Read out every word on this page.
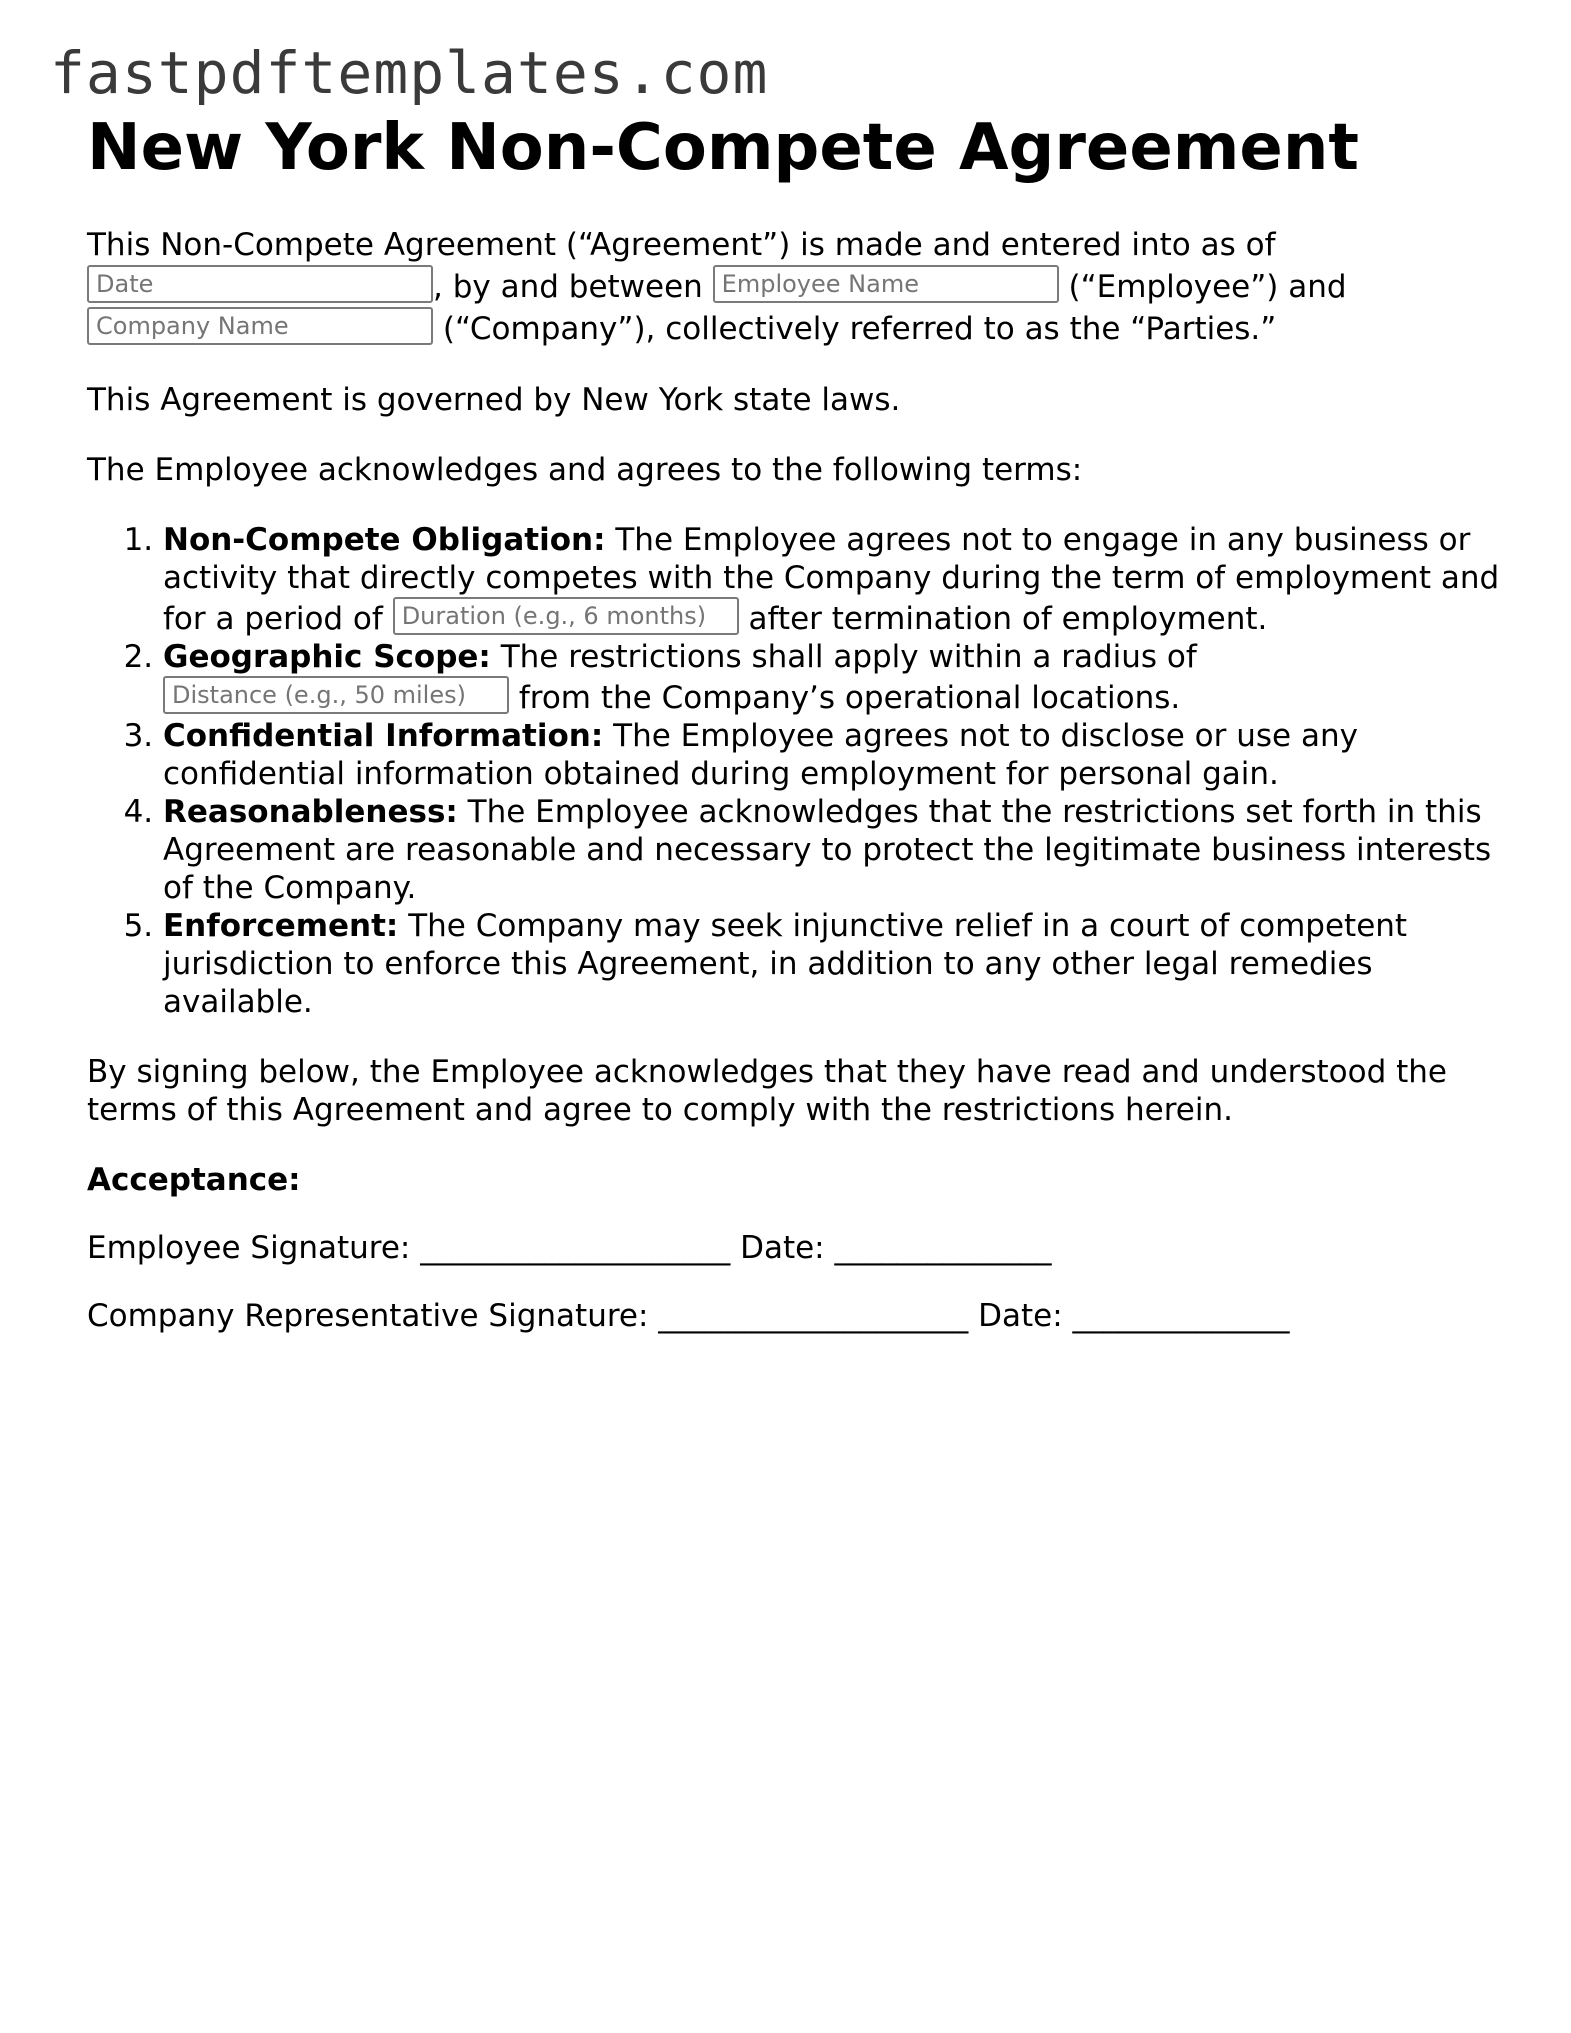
fastpdftemplates.com
New York Non-Compete Agreement

This Non-Compete Agreement (“Agreement”) is made and entered into as of
Date	, by and between Employee Name	(“Employee”) and
Company Name	(“Company”), collectively referred to as the “Parties.”

This Agreement is governed by New York state laws.

The Employee acknowledges and agrees to the following terms:

1. Non-Compete Obligation: The Employee agrees not to engage in any business or activity that directly competes with the Company during the term of employment and for a period of Duration (e.g., 6 months) after termination of employment.
2. Geographic Scope: The restrictions shall apply within a radius of
Distance (e.g., 50 miles) from the Company’s operational locations.
3. Confidential Information: The Employee agrees not to disclose or use any confidential information obtained during employment for personal gain.
4. Reasonableness: The Employee acknowledges that the restrictions set forth in this Agreement are reasonable and necessary to protect the legitimate business interests of the Company.
5. Enforcement: The Company may seek injunctive relief in a court of competent jurisdiction to enforce this Agreement, in addition to any other legal remedies available.

By signing below, the Employee acknowledges that they have read and understood the terms of this Agreement and agree to comply with the restrictions herein.

Acceptance:

Employee Signature: ____________________ Date: ______________

Company Representative Signature: ____________________ Date: ______________
